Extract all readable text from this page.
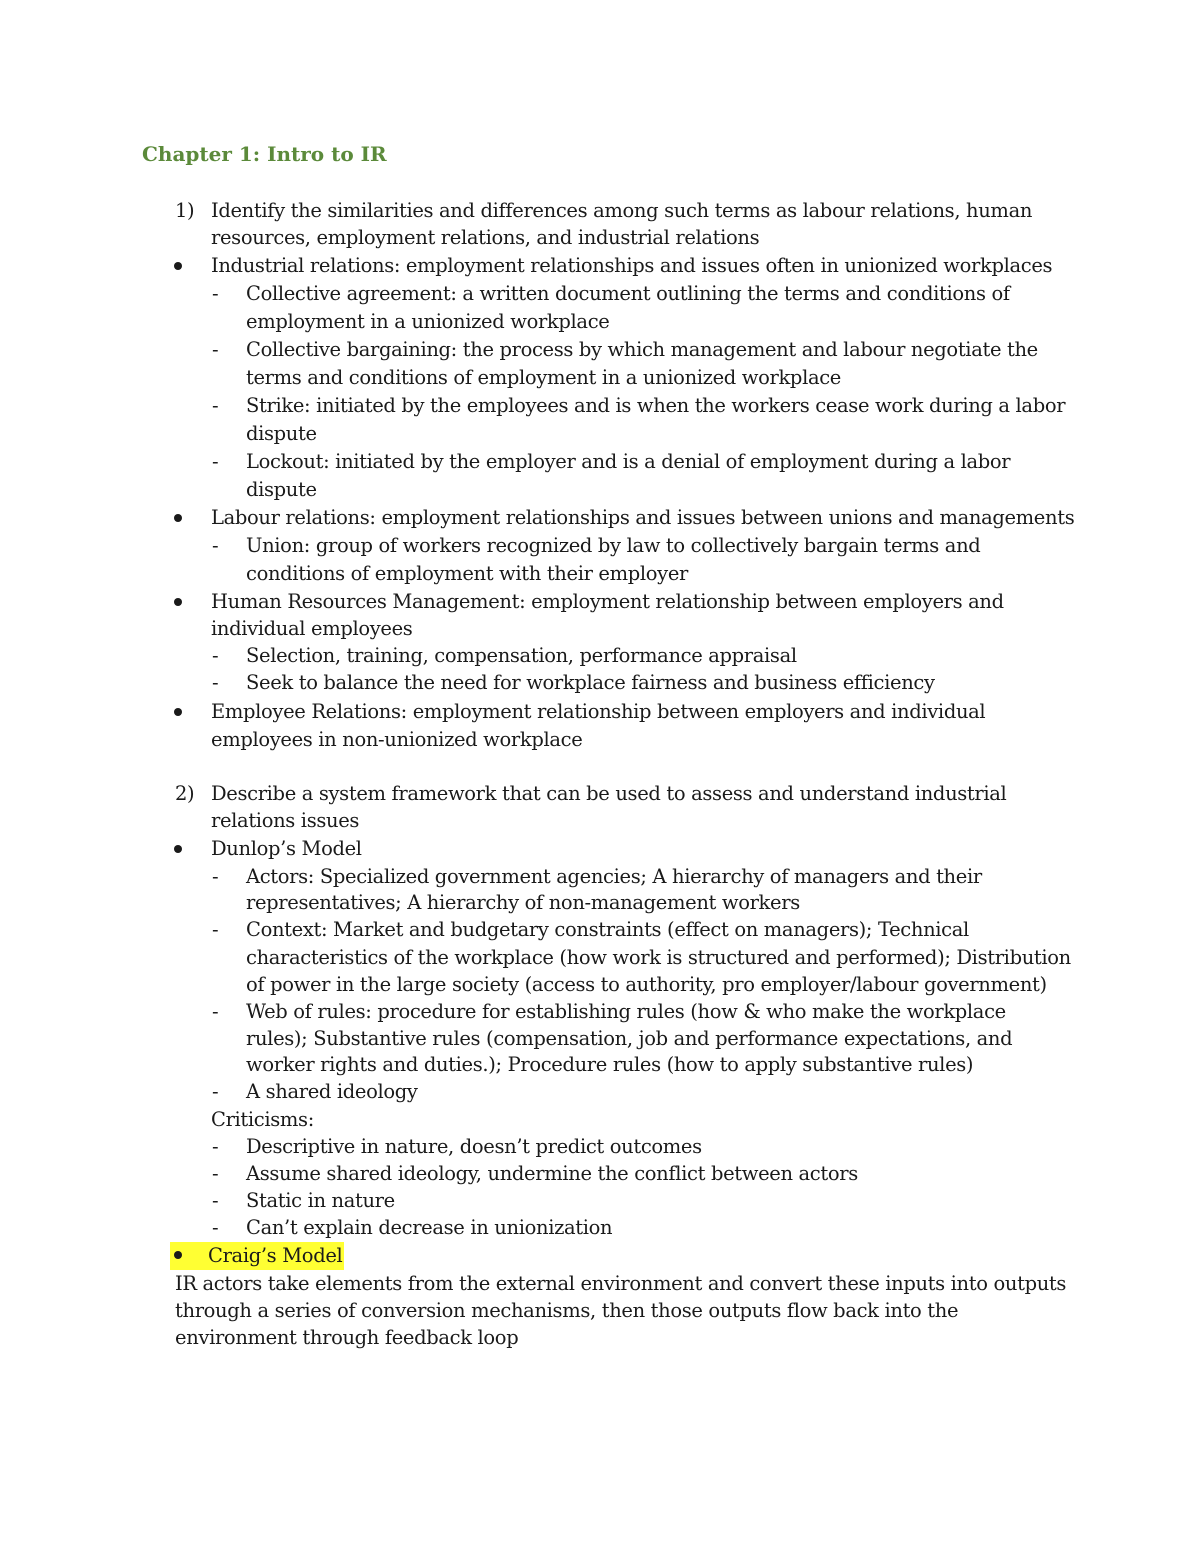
Chapter 1: Intro to IR
1) Identify the similarities and differences among such terms as labour relations, human
resources, employment relations, and industrial relations
Industrial relations: employment relationships and issues often in unionized workplaces
- Collective agreement: a written document outlining the terms and conditions of
employment in a unionized workplace
- Collective bargaining: the process by which management and labour negotiate the
terms and conditions of employment in a unionized workplace
- Strike: initiated by the employees and is when the workers cease work during a labor
dispute
- Lockout: initiated by the employer and is a denial of employment during a labor
dispute
Labour relations: employment relationships and issues between unions and managements
- Union: group of workers recognized by law to collectively bargain terms and
conditions of employment with their employer
Human Resources Management: employment relationship between employers and
individual employees
- Selection, training, compensation, performance appraisal
- Seek to balance the need for workplace fairness and business efficiency
Employee Relations: employment relationship between employers and individual
employees in non-unionized workplace
2) Describe a system framework that can be used to assess and understand industrial
relations issues
Dunlop’s Model
- Actors: Specialized government agencies; A hierarchy of managers and their
representatives; A hierarchy of non-management workers
- Context: Market and budgetary constraints (effect on managers); Technical
characteristics of the workplace (how work is structured and performed); Distribution
of power in the large society (access to authority, pro employer/labour government)
- Web of rules: procedure for establishing rules (how & who make the workplace
rules); Substantive rules (compensation, job and performance expectations, and
worker rights and duties.); Procedure rules (how to apply substantive rules)
- A shared ideology
Criticisms:
- Descriptive in nature, doesn’t predict outcomes
- Assume shared ideology, undermine the conflict between actors
- Static in nature
- Can’t explain decrease in unionization
Craig’s Model
IR actors take elements from the external environment and convert these inputs into outputs
through a series of conversion mechanisms, then those outputs flow back into the
environment through feedback loop
